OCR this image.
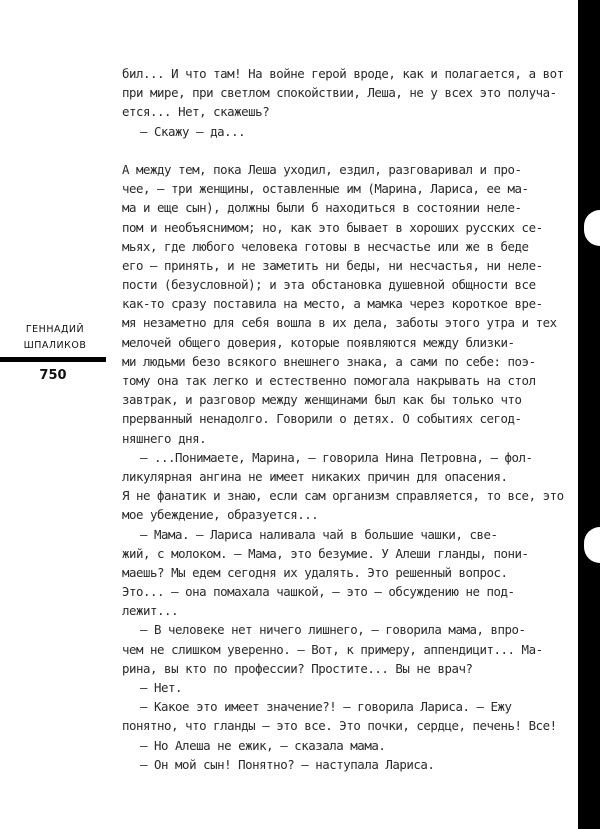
ГЕННАДИЙ
ШПАЛИКОВ
750
бил... И что там! На войне герой вроде, как и полагается, а вот
при мире, при светлом спокойствии, Леша, не у всех это получа-
ется... Нет, скажешь?
— Скажу — да...
А между тем, пока Леша уходил, ездил, разговаривал и про-
чее, — три женщины, оставленные им (Марина, Лариса, ее ма-
ма и еще сын), должны были б находиться в состоянии неле-
пом и необъяснимом; но, как это бывает в хороших русских се-
мьях, где любого человека готовы в несчастье или же в беде
его — принять, и не заметить ни беды, ни несчастья, ни неле-
пости (безусловной); и эта обстановка душевной общности все
как-то сразу поставила на место, а мамка через короткое вре-
мя незаметно для себя вошла в их дела, заботы этого утра и тех
мелочей общего доверия, которые появляются между близки-
ми людьми безо всякого внешнего знака, а сами по себе: поэ-
тому она так легко и естественно помогала накрывать на стол
завтрак, и разговор между женщинами был как бы только что
прерванный ненадолго. Говорили о детях. О событиях сегод-
няшнего дня.
— ...Понимаете, Марина, — говорила Нина Петровна, — фол-
ликулярная ангина не имеет никаких причин для опасения.
Я не фанатик и знаю, если сам организм справляется, то все, это
мое убеждение, образуется...
— Мама. — Лариса наливала чай в большие чашки, све-
жий, с молоком. — Мама, это безумие. У Алеши гланды, пони-
маешь? Мы едем сегодня их удалять. Это решенный вопрос.
Это... — она помахала чашкой, — это — обсуждению не под-
лежит...
— В человеке нет ничего лишнего, — говорила мама, впро-
чем не слишком уверенно. — Вот, к примеру, аппендицит... Ма-
рина, вы кто по профессии? Простите... Вы не врач?
— Нет.
— Какое это имеет значение?! — говорила Лариса. — Ежу
понятно, что гланды — это все. Это почки, сердце, печень! Все!
— Но Алеша не ежик, — сказала мама.
— Он мой сын! Понятно? — наступала Лариса.
